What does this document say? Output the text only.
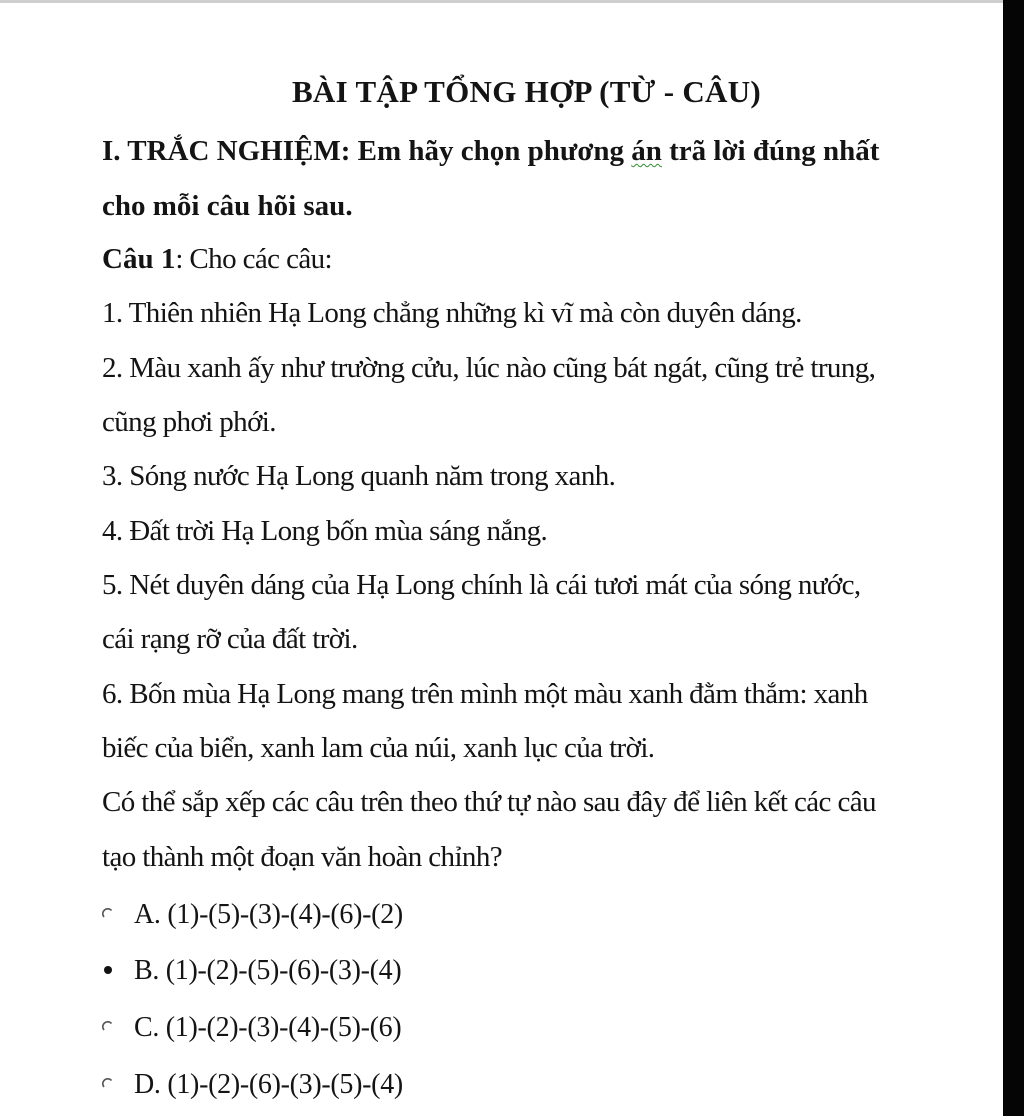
BÀI TẬP TỔNG HỢP (TỪ - CÂU)
I. TRẮC NGHIỆM: Em hãy chọn phương án trã lời đúng nhất
cho mỗi câu hõi sau.
Câu 1: Cho các câu:
1. Thiên nhiên Hạ Long chẳng những kì vĩ mà còn duyên dáng.
2. Màu xanh ấy như trường cửu, lúc nào cũng bát ngát, cũng trẻ trung,
cũng phơi phới.
3. Sóng nước Hạ Long quanh năm trong xanh.
4. Đất trời Hạ Long bốn mùa sáng nắng.
5. Nét duyên dáng của Hạ Long chính là cái tươi mát của sóng nước,
cái rạng rỡ của đất trời.
6. Bốn mùa Hạ Long mang trên mình một màu xanh đằm thắm: xanh
biếc của biển, xanh lam của núi, xanh lục của trời.
Có thể sắp xếp các câu trên theo thứ tự nào sau đây để liên kết các câu
tạo thành một đoạn văn hoàn chỉnh?
A. (1)-(5)-(3)-(4)-(6)-(2)
B. (1)-(2)-(5)-(6)-(3)-(4)
C. (1)-(2)-(3)-(4)-(5)-(6)
D. (1)-(2)-(6)-(3)-(5)-(4)
